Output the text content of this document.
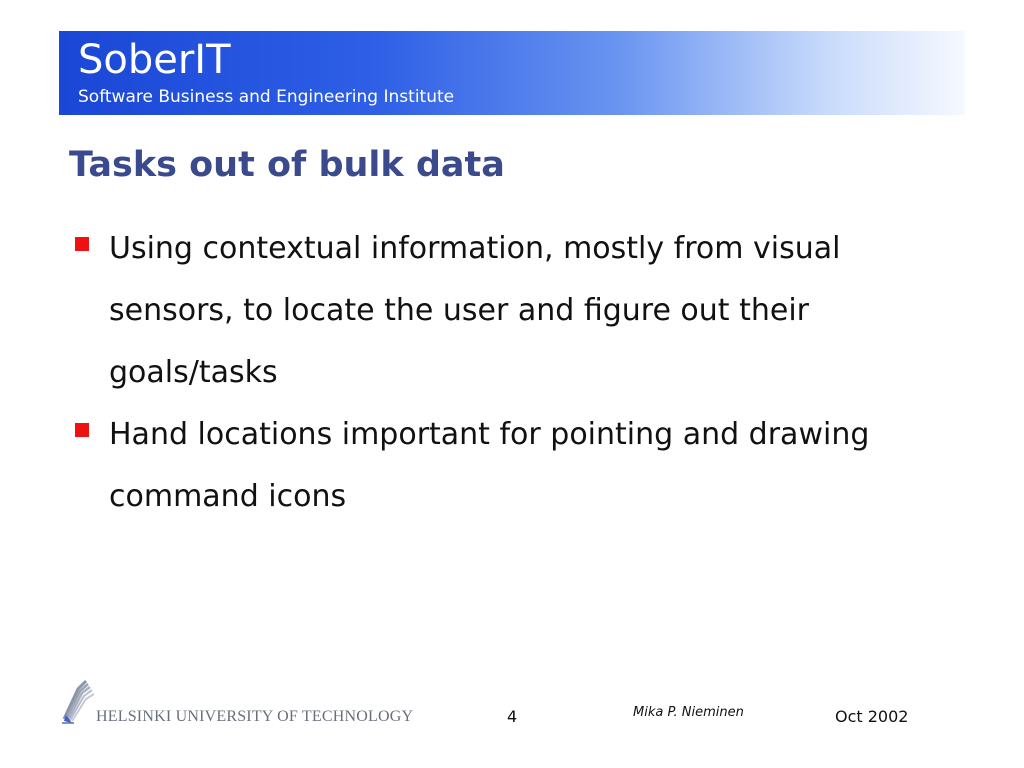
SoberIT
Software Business and Engineering Institute
Tasks out of bulk data
Using contextual information, mostly from visual sensors, to locate the user and figure out their goals/tasks
Hand locations important for pointing and drawing command icons
HELSINKI UNIVERSITY OF TECHNOLOGY	4	Mika P. Nieminen	Oct 2002
